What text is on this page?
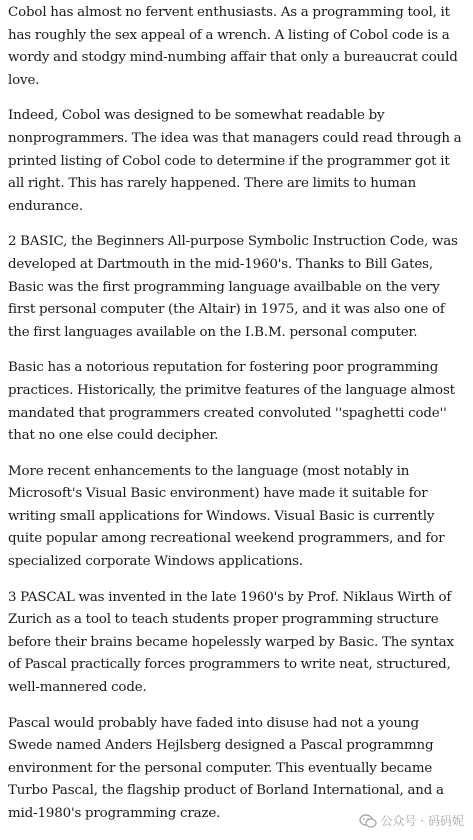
Cobol has almost no fervent enthusiasts. As a programming tool, it has roughly the sex appeal of a wrench. A listing of Cobol code is a wordy and stodgy mind-numbing affair that only a bureaucrat could love.

Indeed, Cobol was designed to be somewhat readable by nonprogrammers. The idea was that managers could read through a printed listing of Cobol code to determine if the programmer got it all right. This has rarely happened. There are limits to human endurance.

2 BASIC, the Beginners All-purpose Symbolic Instruction Code, was developed at Dartmouth in the mid-1960's. Thanks to Bill Gates, Basic was the first programming language availbable on the very first personal computer (the Altair) in 1975, and it was also one of the first languages available on the I.B.M. personal computer.

Basic has a notorious reputation for fostering poor programming practices. Historically, the primitve features of the language almost mandated that programmers created convoluted ''spaghetti code'' that no one else could decipher.

More recent enhancements to the language (most notably in Microsoft's Visual Basic environment) have made it suitable for writing small applications for Windows. Visual Basic is currently quite popular among recreational weekend programmers, and for specialized corporate Windows applications.

3 PASCAL was invented in the late 1960's by Prof. Niklaus Wirth of Zurich as a tool to teach students proper programming structure before their brains became hopelessly warped by Basic. The syntax of Pascal practically forces programmers to write neat, structured, well-mannered code.

Pascal would probably have faded into disuse had not a young Swede named Anders Hejlsberg designed a Pascal programmng environment for the personal computer. This eventually became Turbo Pascal, the flagship product of Borland International, and a mid-1980's programming craze.	公众号 · 码码妮
